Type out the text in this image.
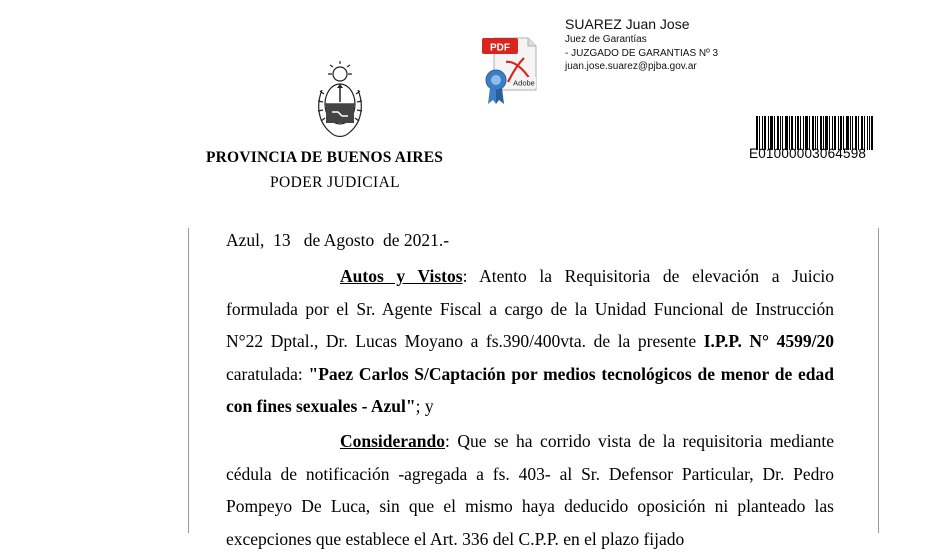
PROVINCIA DE BUENOS AIRES
PODER JUDICIAL
PDF
Adobe
SUAREZ Juan Jose
Juez de Garantías
- JUZGADO DE GARANTIAS Nº 3
juan.jose.suarez@pjba.gov.ar
E01000003064598
Azul,  13   de Agosto  de 2021.-
Autos y Vistos: Atento la Requisitoria de elevación a Juicio formulada por el Sr. Agente Fiscal a cargo de la Unidad Funcional de Instrucción N°22 Dptal., Dr. Lucas Moyano a fs.390/400vta. de la presente I.P.P. N° 4599/20 caratulada: "Paez Carlos S/Captación por medios tecnológicos de menor de edad con fines sexuales - Azul"; y
Considerando: Que se ha corrido vista de la requisitoria mediante cédula de notificación -agregada a fs. 403- al Sr. Defensor Particular, Dr. Pedro Pompeyo De Luca, sin que el mismo haya deducido oposición ni planteado las excepciones que establece el Art. 336 del C.P.P. en el plazo fijado
